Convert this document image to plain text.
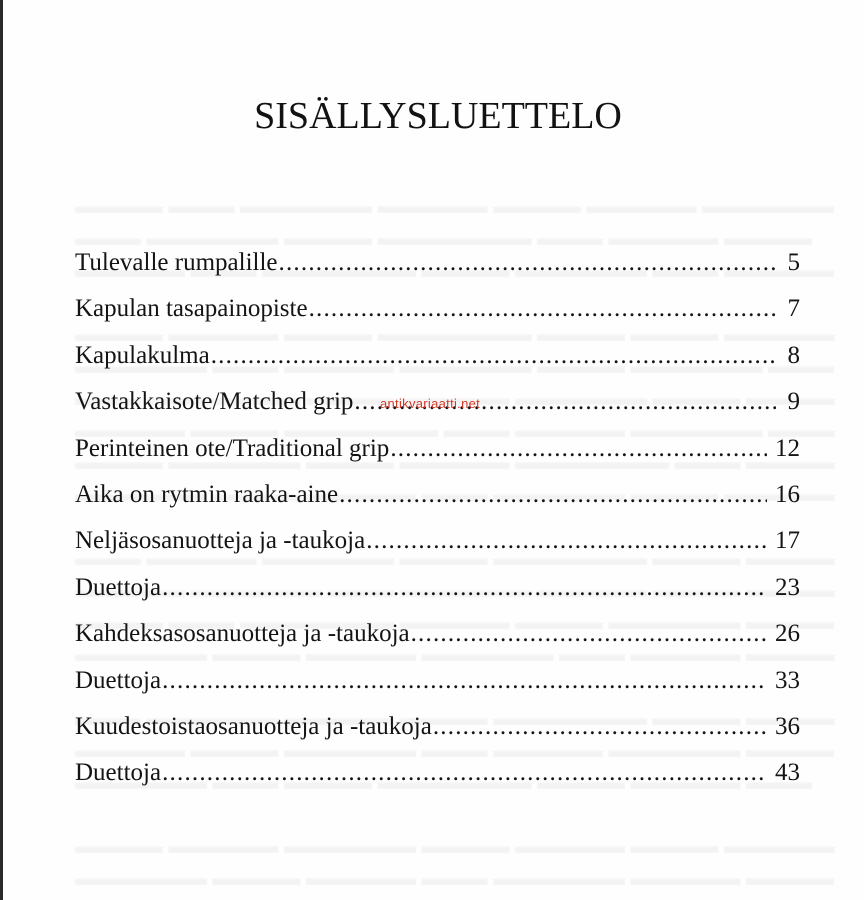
SISÄLLYSLUETTELO
Tulevalle rumpalille .....	5
Kapulan tasapainopiste .....	7
Kapulakulma .....	8
Vastakkaisote/Matched grip .....	9
Perinteinen ote/Traditional grip .....	12
Aika on rytmin raaka-aine .....	16
Neljäsosanuotteja ja -taukoja .....	17
Duettoja .....	23
Kahdeksasosanuotteja ja -taukoja .....	26
Duettoja .....	33
Kuudestoistaosanuotteja ja -taukoja .....	36
Duettoja .....	43
antikvariaatti.net
